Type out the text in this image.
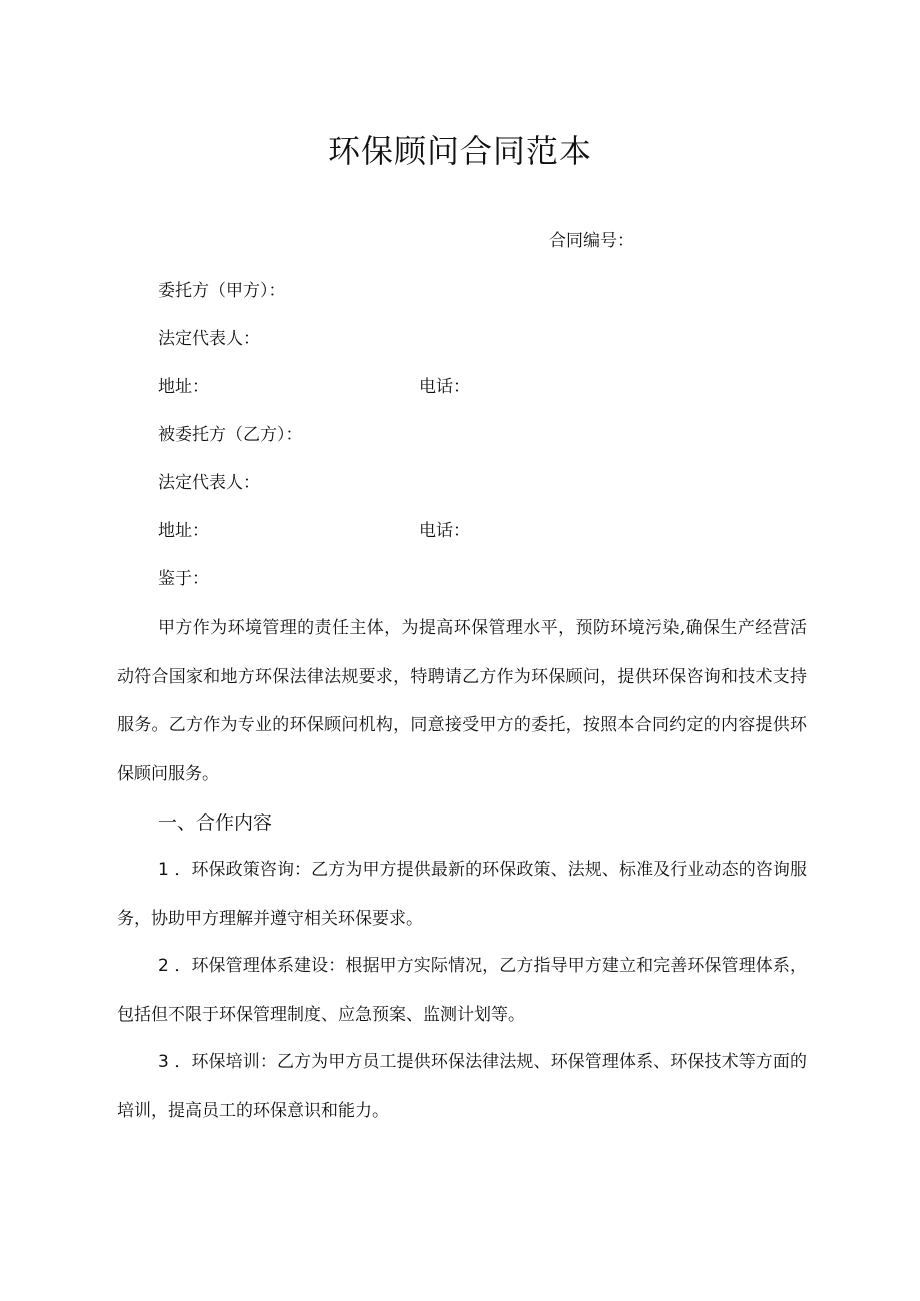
环保顾问合同范本
合同编号：
委托方（甲方）：
法定代表人：
地址：	电话：
被委托方（乙方）：
法定代表人：
地址：	电话：
鉴于：
甲方作为环境管理的责任主体，为提高环保管理水平，预防环境污染,确保生产经营活动符合国家和地方环保法律法规要求，特聘请乙方作为环保顾问，提供环保咨询和技术支持服务。乙方作为专业的环保顾问机构，同意接受甲方的委托，按照本合同约定的内容提供环保顾问服务。
一、合作内容
1 ．环保政策咨询：乙方为甲方提供最新的环保政策、法规、标准及行业动态的咨询服务，协助甲方理解并遵守相关环保要求。
2 ．环保管理体系建设：根据甲方实际情况，乙方指导甲方建立和完善环保管理体系，包括但不限于环保管理制度、应急预案、监测计划等。
3 ．环保培训：乙方为甲方员工提供环保法律法规、环保管理体系、环保技术等方面的培训，提高员工的环保意识和能力。
